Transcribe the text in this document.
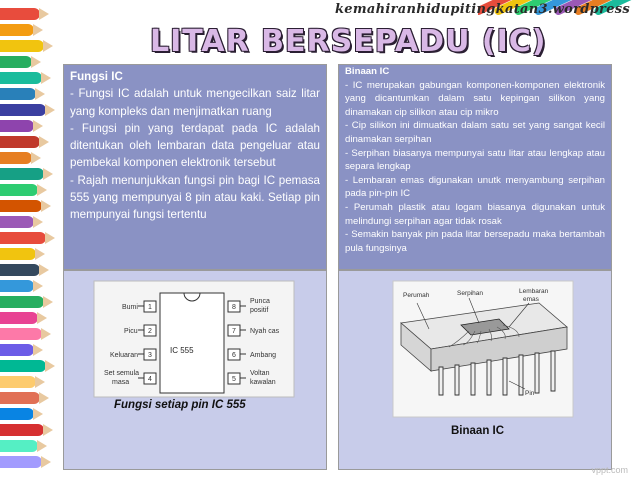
kemahiranhidupitingkatan3.wordpress
LITAR BERSEPADU (IC)
Fungsi IC
- Fungsi IC adalah untuk mengecilkan saiz litar yang kompleks dan menjimatkan ruang
- Fungsi pin yang terdapat pada IC adalah ditentukan oleh lembaran data pengeluar atau pembekal komponen elektronik tersebut
- Rajah menunjukkan fungsi pin bagi IC pemasa 555 yang mempunyai 8 pin atau kaki. Setiap pin mempunyai fungsi tertentu
Binaan IC
- IC merupakan gabungan komponen-komponen elektronik yang dicantumkan dalam satu kepingan silikon yang dinamakan cip silikon atau cip mikro
- Cip silikon ini dimuatkan dalam satu set yang sangat kecil dinamakan serpihan
- Serpihan biasanya mempunyai satu litar atau lengkap atau separa lengkap
- Lembaran emas digunakan unutk menyambung serpihan pada pin-pin IC
- Perumah plastik atau logam biasanya digunakan untuk melindungi serpihan agar tidak rosak
- Semakin banyak pin pada litar bersepadu maka bertambah pula fungsinya
IC 555
1
Bumi
2
Picu
3
Keluaran
4
Set semula
masa
8
Punca
positif
7 Nyah cas
6 Ambang
5
Voltan
kawalan
Fungsi setiap pin IC 555
Perumah	Serpihan	Lembaran
emas
Pin
Binaan IC
vppt.com
